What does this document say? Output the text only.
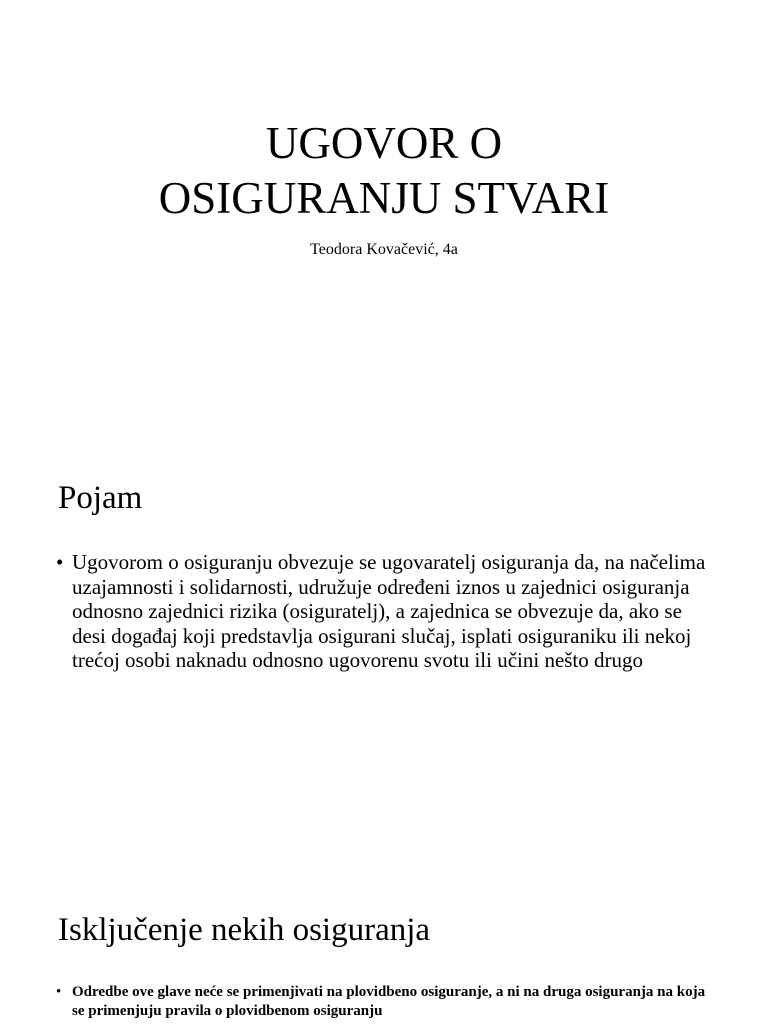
UGOVOR O
OSIGURANJU STVARI

Teodora Kovačević, 4a

Pojam
• Ugovorom o osiguranju obvezuje se ugovaratelj osiguranja da, na načelima uzajamnosti i solidarnosti, udružuje određeni iznos u zajednici osiguranja odnosno zajednici rizika (osiguratelj), a zajednica se obvezuje da, ako se desi događaj koji predstavlja osigurani slučaj, isplati osiguraniku ili nekoj trećoj osobi naknadu odnosno ugovorenu svotu ili učini nešto drugo
Isključenje nekih osiguranja
• Odredbe ove glave neće se primenjivati na plovidbeno osiguranje, a ni na druga osiguranja na koja se primenjuju pravila o plovidbenom osiguranju
